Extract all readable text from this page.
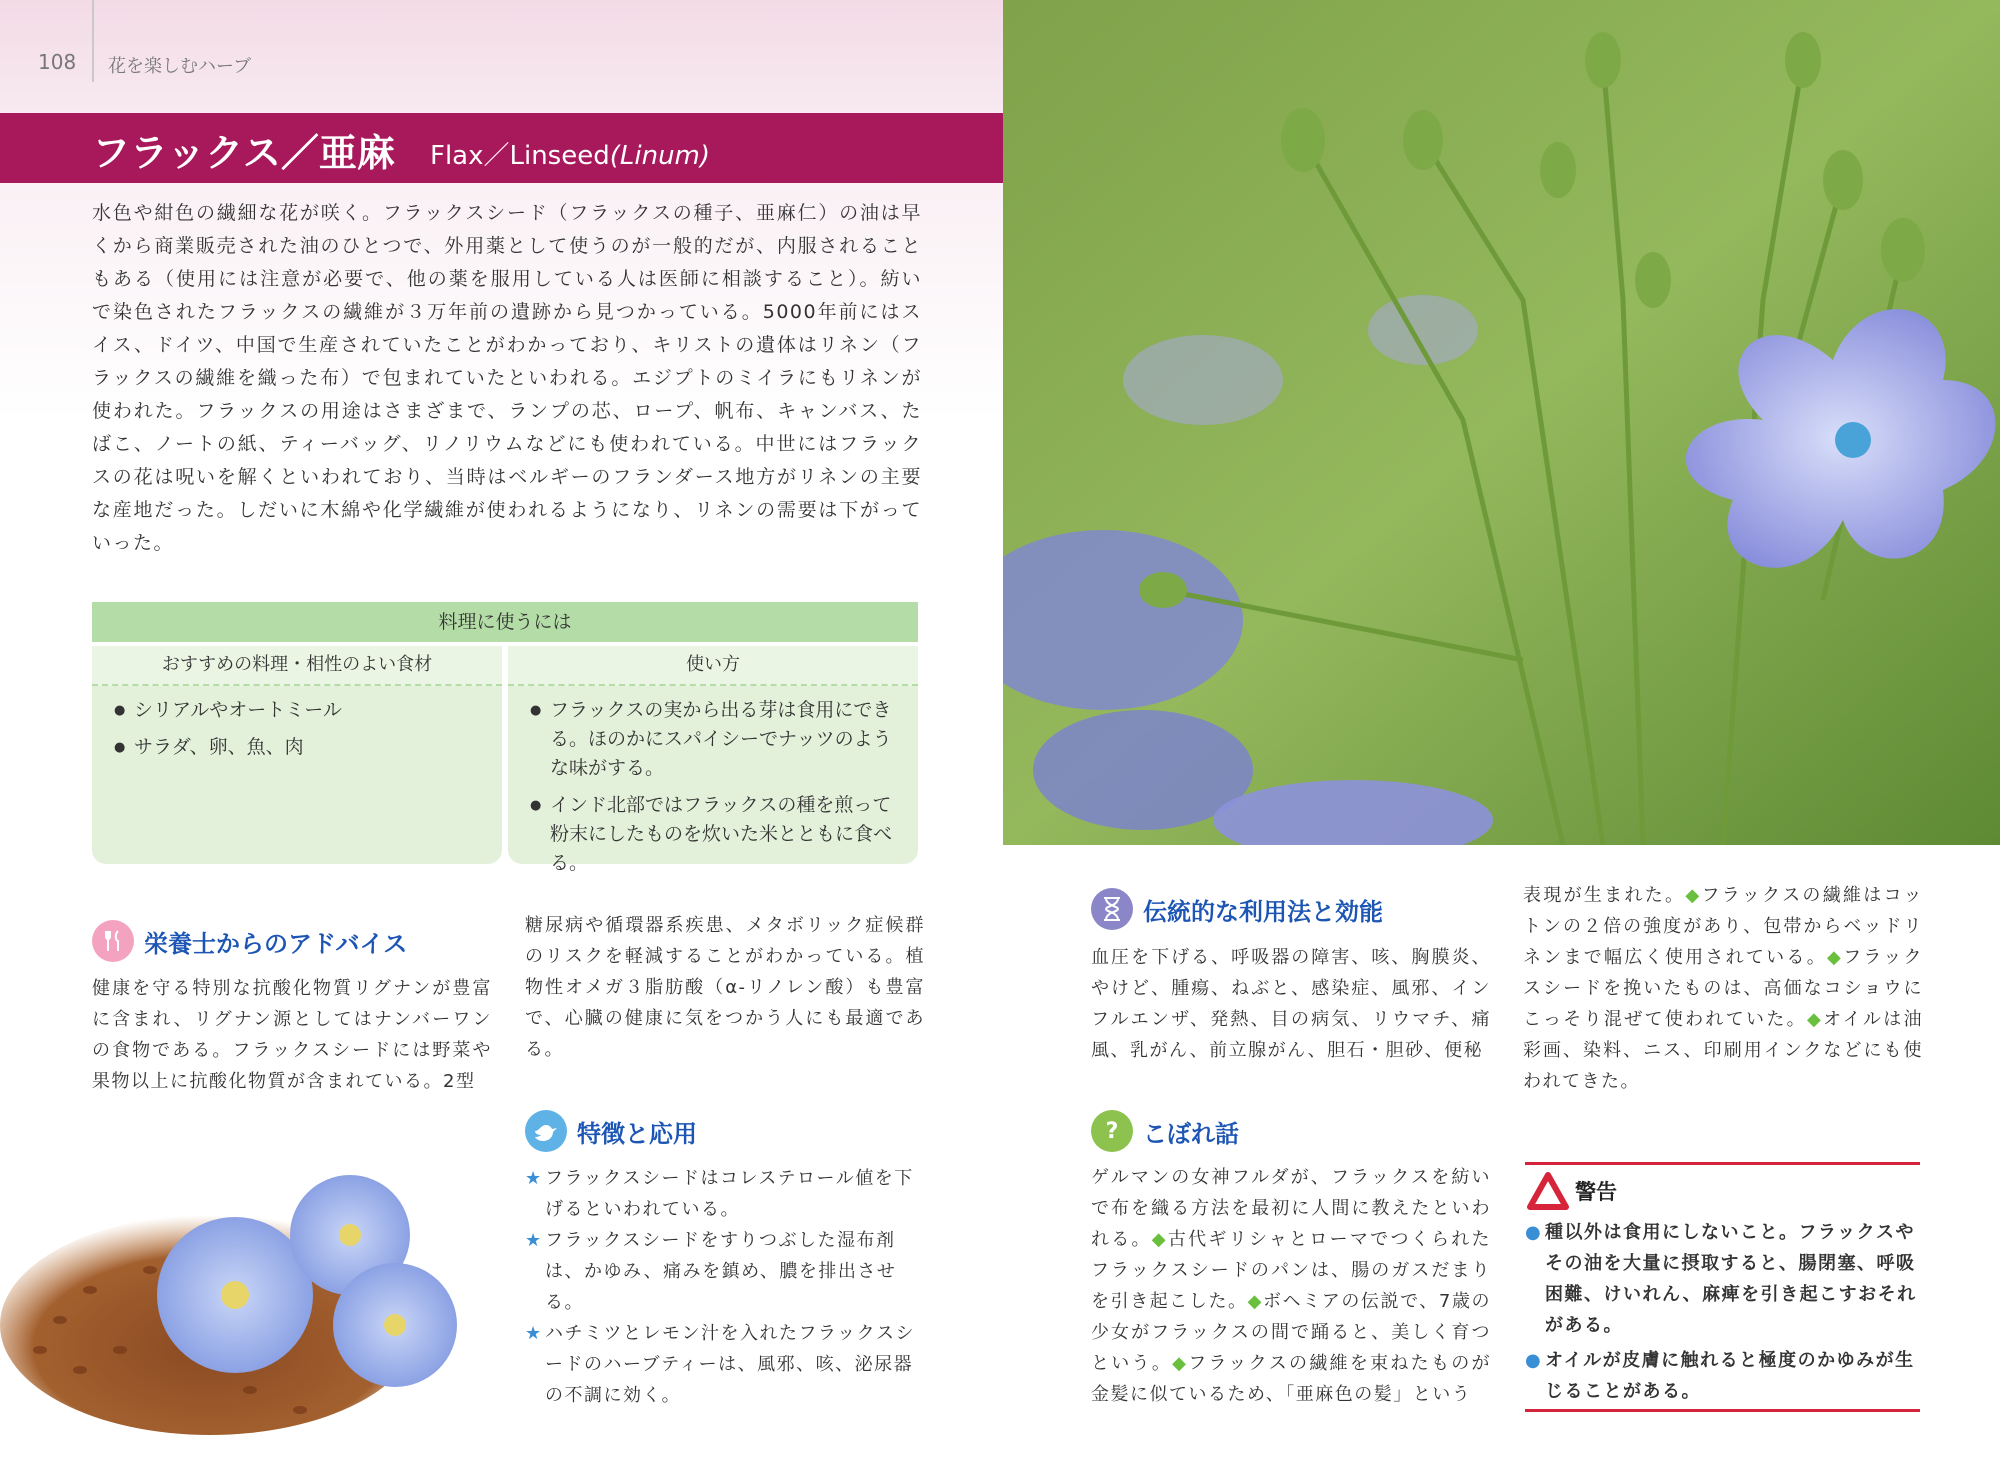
108 花を楽しむハーブ
フラックス／亜麻 Flax／Linseed(Linum)

水色や紺色の繊細な花が咲く。フラックスシード（フラックスの種子、亜麻仁）の油は早くから商業販売された油のひとつで、外用薬として使うのが一般的だが、内服されることもある（使用には注意が必要で、他の薬を服用している人は医師に相談すること）。紡いで染色されたフラックスの繊維が３万年前の遺跡から見つかっている。5000年前にはスイス、ドイツ、中国で生産されていたことがわかっており、キリストの遺体はリネン（フラックスの繊維を織った布）で包まれていたといわれる。エジプトのミイラにもリネンが使われた。フラックスの用途はさまざまで、ランプの芯、ロープ、帆布、キャンバス、たばこ、ノートの紙、ティーバッグ、リノリウムなどにも使われている。中世にはフラックスの花は呪いを解くといわれており、当時はベルギーのフランダース地方がリネンの主要な産地だった。しだいに木綿や化学繊維が使われるようになり、リネンの需要は下がっていった。

料理に使うには
おすすめの料理・相性のよい食材
● シリアルやオートミール
● サラダ、卵、魚、肉
使い方
● フラックスの実から出る芽は食用にできる。ほのかにスパイシーでナッツのような味がする。
● インド北部ではフラックスの種を煎って粉末にしたものを炊いた米とともに食べる。
栄養士からのアドバイス

健康を守る特別な抗酸化物質リグナンが豊富に含まれ、リグナン源としてはナンバーワンの食物である。フラックスシードには野菜や果物以上に抗酸化物質が含まれている。2型

糖尿病や循環器系疾患、メタボリック症候群のリスクを軽減することがわかっている。植物性オメガ３脂肪酸（α-リノレン酸）も豊富で、心臓の健康に気をつかう人にも最適である。

特徴と応用
★ フラックスシードはコレステロール値を下げるといわれている。
★ フラックスシードをすりつぶした湿布剤は、かゆみ、痛みを鎮め、膿を排出させる。
★ ハチミツとレモン汁を入れたフラックスシードのハーブティーは、風邪、咳、泌尿器の不調に効く。
伝統的な利用法と効能

血圧を下げる、呼吸器の障害、咳、胸膜炎、やけど、腫瘍、ねぶと、感染症、風邪、インフルエンザ、発熱、目の病気、リウマチ、痛風、乳がん、前立腺がん、胆石・胆砂、便秘

表現が生まれた。◆フラックスの繊維はコットンの２倍の強度があり、包帯からベッドリネンまで幅広く使用されている。◆フラックスシードを挽いたものは、高価なコショウにこっそり混ぜて使われていた。◆オイルは油彩画、染料、ニス、印刷用インクなどにも使われてきた。

?	こぼれ話

ゲルマンの女神フルダが、フラックスを紡いで布を織る方法を最初に人間に教えたといわれる。◆古代ギリシャとローマでつくられたフラックスシードのパンは、腸のガスだまりを引き起こした。◆ボヘミアの伝説で、7歳の少女がフラックスの間で踊ると、美しく育つという。◆フラックスの繊維を束ねたものが金髪に似ているため、「亜麻色の髪」という

警告
● 種以外は食用にしないこと。フラックスやその油を大量に摂取すると、腸閉塞、呼吸困難、けいれん、麻痺を引き起こすおそれがある。
● オイルが皮膚に触れると極度のかゆみが生じることがある。
